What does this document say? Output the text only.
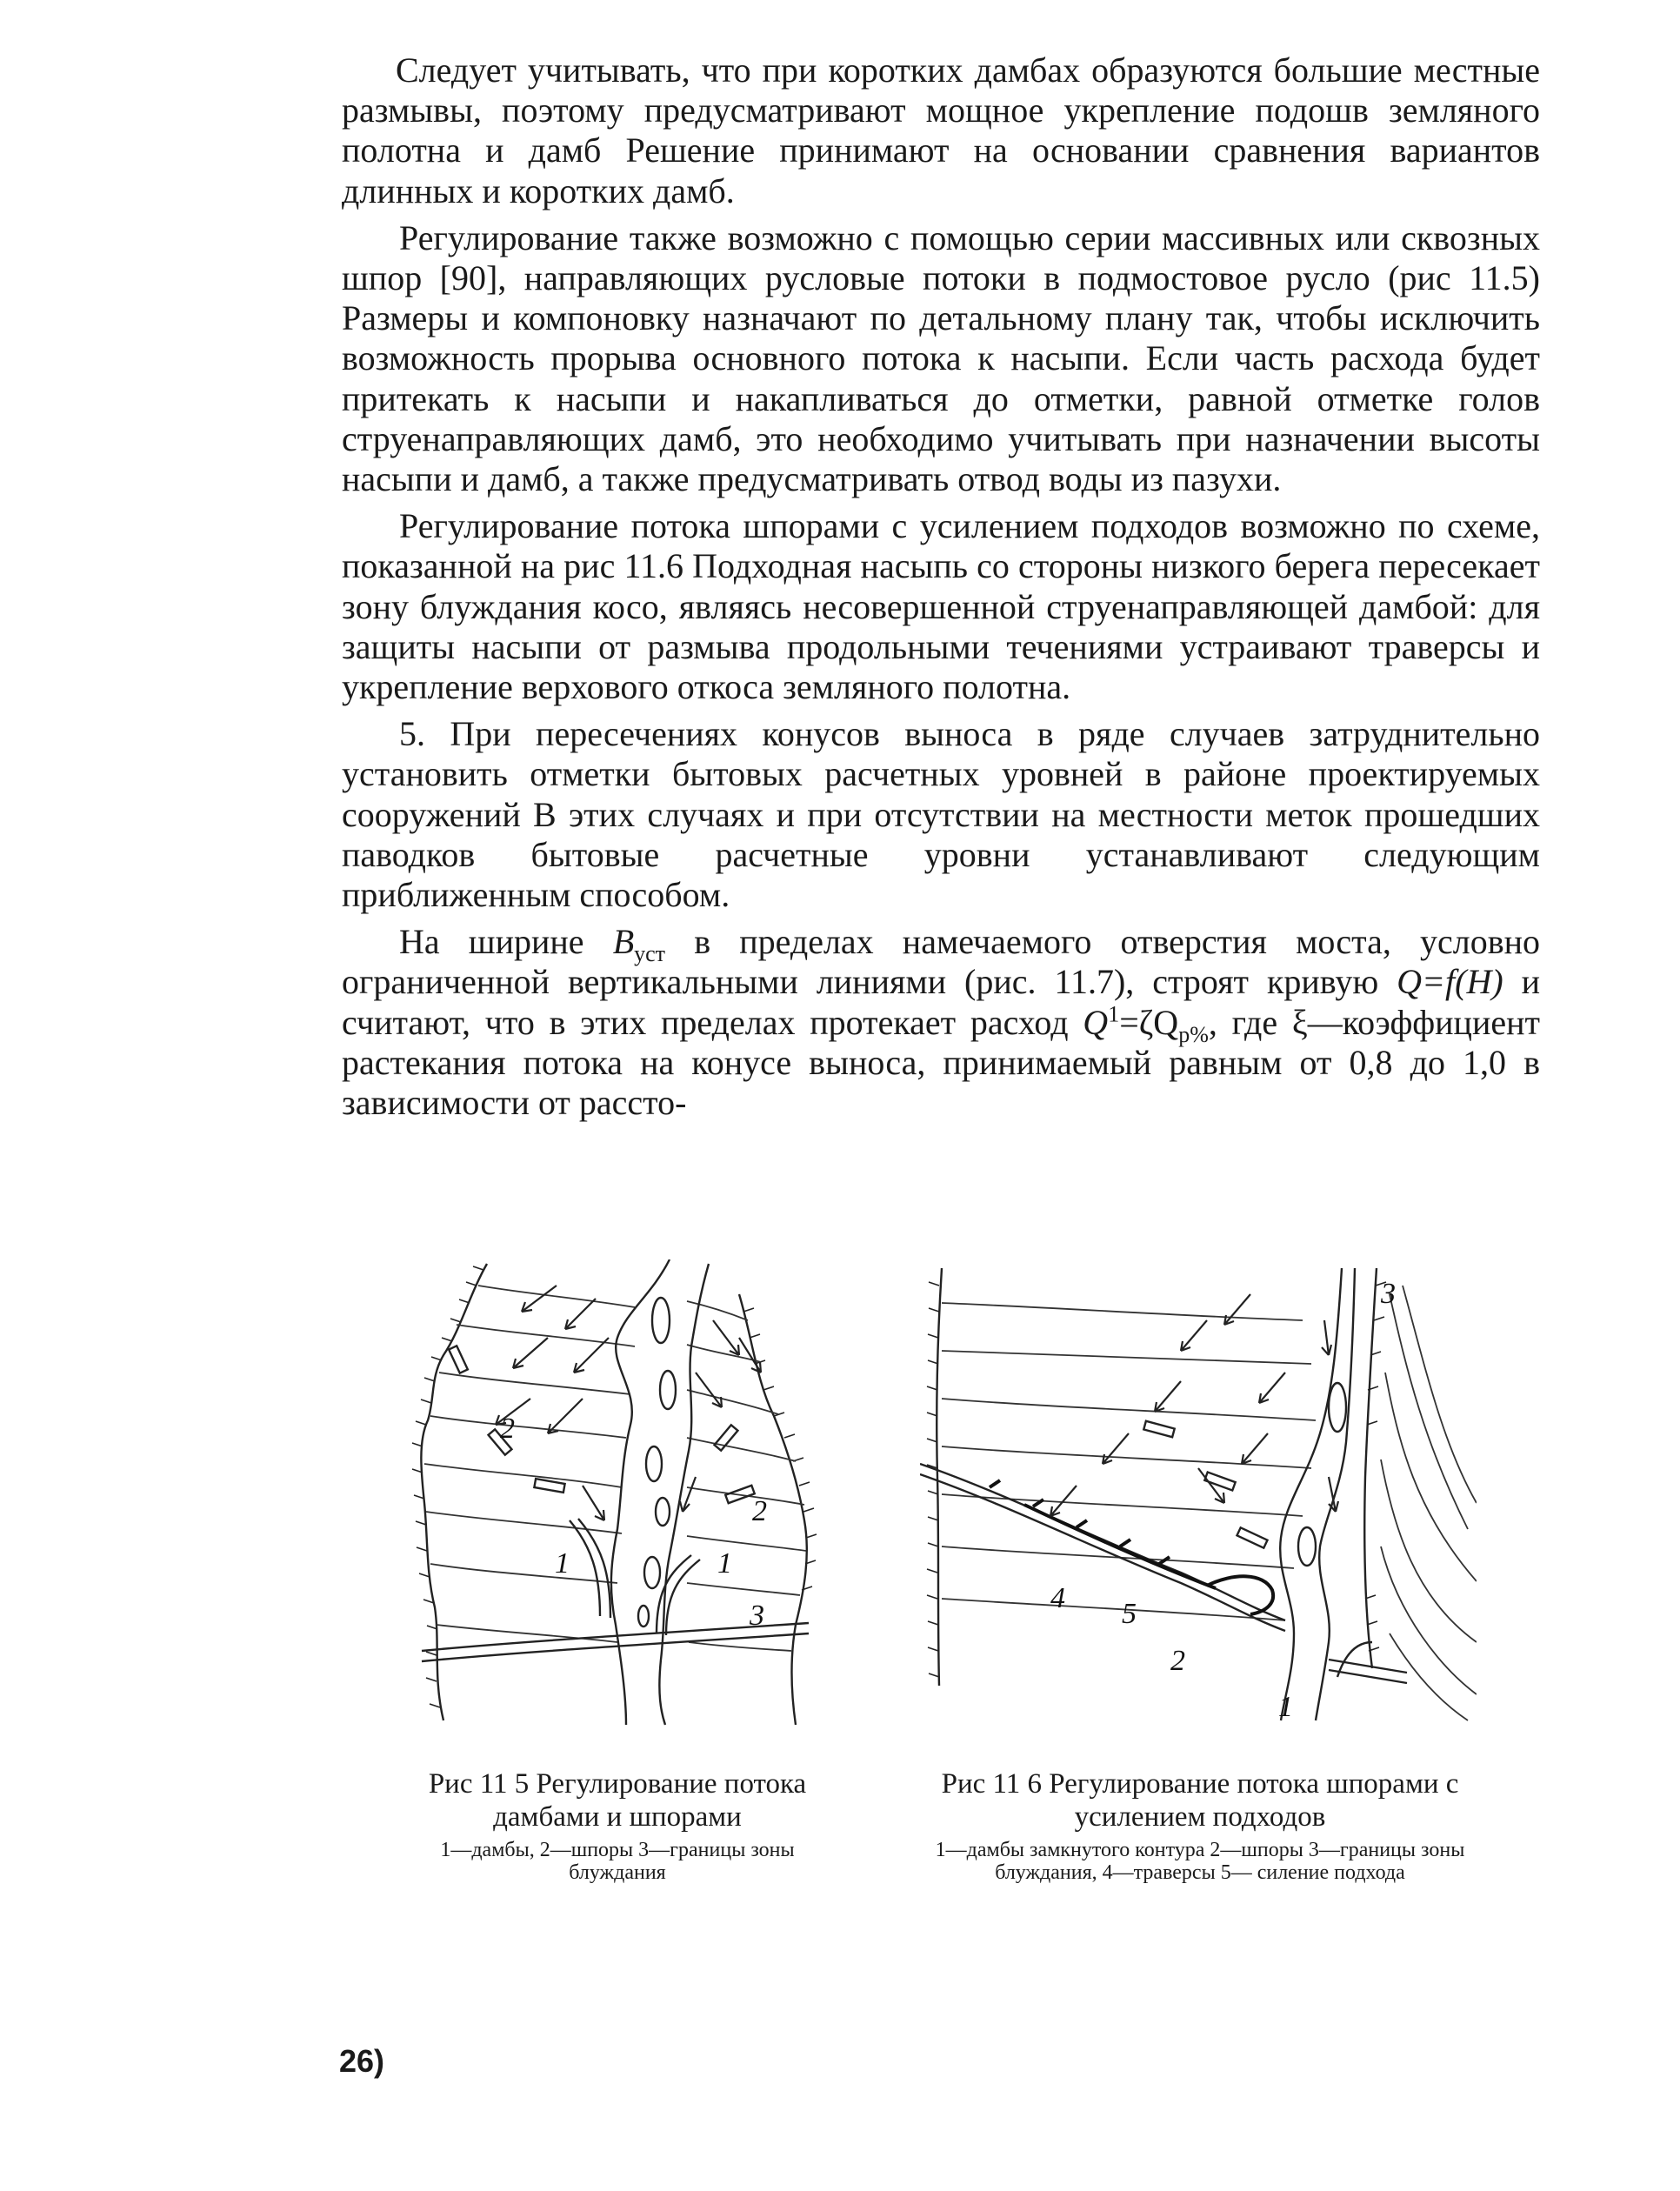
Следует учитывать, что при коротких дамбах образуются большие местные размывы, поэтому предусматривают мощное укрепление подошв земляного полотна и дамб Решение принимают на основании сравнения вариантов длинных и коротких дамб.

Регулирование также возможно с помощью серии массивных или сквозных шпор [90], направляющих русловые потоки в подмостовое русло (рис 11.5) Размеры и компоновку назначают по детальному плану так, чтобы исключить возможность прорыва основного потока к насыпи. Если часть расхода будет притекать к насыпи и накапливаться до отметки, равной отметке голов струенаправляющих дамб, это необходимо учитывать при назначении высоты насыпи и дамб, а также предусматривать отвод воды из пазухи.

Регулирование потока шпорами с усилением подходов возможно по схеме, показанной на рис 11.6 Подходная насыпь со стороны низкого берега пересекает зону блуждания косо, являясь несовершенной струенаправляющей дамбой: для защиты насыпи от размыва продольными течениями устраивают траверсы и укрепление верхового откоса земляного полотна.

5. При пересечениях конусов выноса в ряде случаев затруднительно установить отметки бытовых расчетных уровней в районе проектируемых сооружений В этих случаях и при отсутствии на местности меток прошедших паводков бытовые расчетные уровни устанавливают следующим приближенным способом.

На ширине $B_{уст}$ в пределах намечаемого отверстия моста, условно ограниченной вертикальными линиями (рис. 11.7), строят кривую Q=f(H) и считают, что в этих пределах протекает расход $Q^1=\zeta Q_{р\%}$, где ξ—коэффициент растекания потока на конусе выноса, принимаемый равным от 0,8 до 1,0 в зависимости от рассто-

2
2
1	1
3
3
4 5
2
1

Рис 11 5 Регулирование потока дамбами и шпорами

1—дамбы, 2—шпоры 3—границы зоны блуждания

Рис 11 6 Регулирование потока шпорами с усилением подходов

1—дамбы замкнутого контура 2—шпоры 3—границы зоны блуждания, 4—траверсы 5— силение подхода

26)
